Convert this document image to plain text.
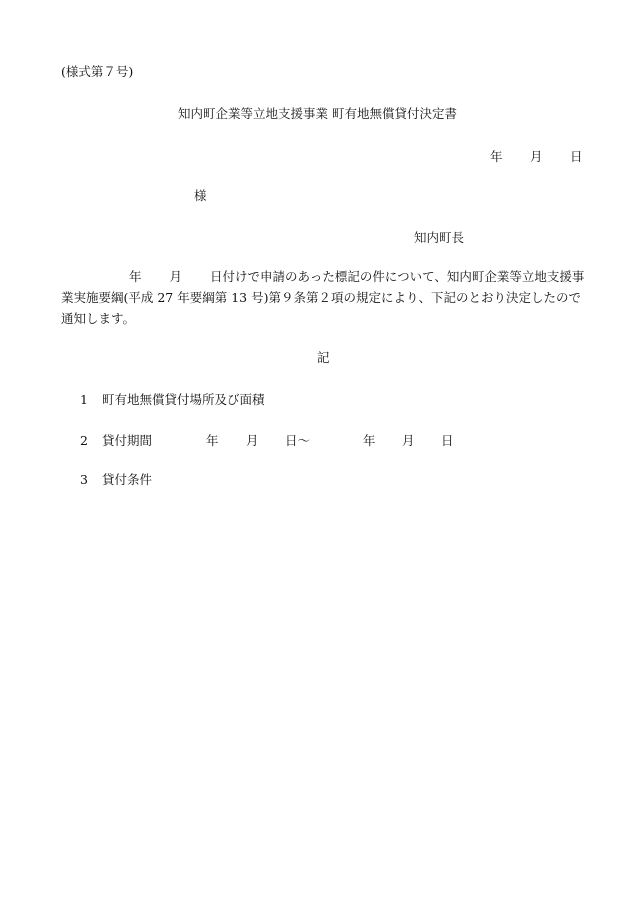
(様式第７号)
知内町企業等立地支援事業 町有地無償貸付決定書
年 月 日
様
知内町長
年 月 日付けで申請のあった標記の件について、知内町企業等立地支援事業実施要綱(平成 27 年要綱第 13 号)第９条第２項の規定により、下記のとおり決定したので通知します。
記
1 町有地無償貸付場所及び面積
2 貸付期間	年 月 日～	年 月 日
3 貸付条件
